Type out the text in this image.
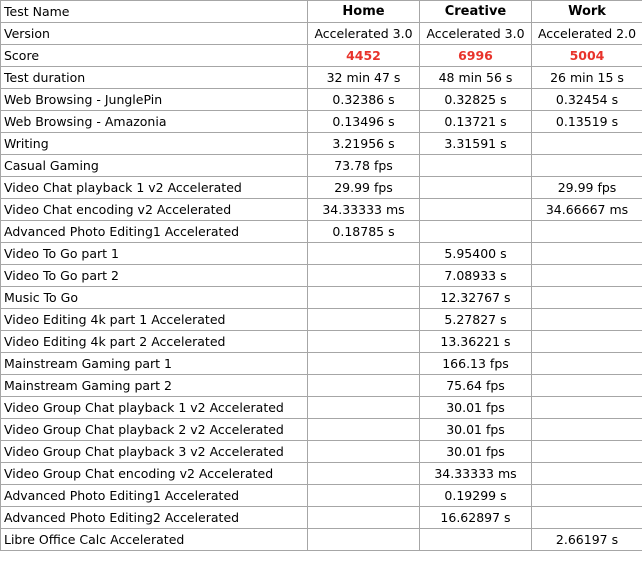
Test Name	Home	Creative	Work
Version	Accelerated 3.0	Accelerated 3.0	Accelerated 2.0
Score	4452	6996	5004
Test duration	32 min 47 s	48 min 56 s	26 min 15 s
Web Browsing - JunglePin	0.32386 s	0.32825 s	0.32454 s
Web Browsing - Amazonia	0.13496 s	0.13721 s	0.13519 s
Writing	3.21956 s	3.31591 s	
Casual Gaming	73.78 fps		
Video Chat playback 1 v2 Accelerated	29.99 fps		29.99 fps
Video Chat encoding v2 Accelerated	34.33333 ms		34.66667 ms
Advanced Photo Editing1 Accelerated	0.18785 s		
Video To Go part 1		5.95400 s	
Video To Go part 2		7.08933 s	
Music To Go		12.32767 s	
Video Editing 4k part 1 Accelerated		5.27827 s	
Video Editing 4k part 2 Accelerated		13.36221 s	
Mainstream Gaming part 1		166.13 fps	
Mainstream Gaming part 2		75.64 fps	
Video Group Chat playback 1 v2 Accelerated		30.01 fps	
Video Group Chat playback 2 v2 Accelerated		30.01 fps	
Video Group Chat playback 3 v2 Accelerated		30.01 fps	
Video Group Chat encoding v2 Accelerated		34.33333 ms	
Advanced Photo Editing1 Accelerated		0.19299 s	
Advanced Photo Editing2 Accelerated		16.62897 s	
Libre Office Calc Accelerated			2.66197 s
